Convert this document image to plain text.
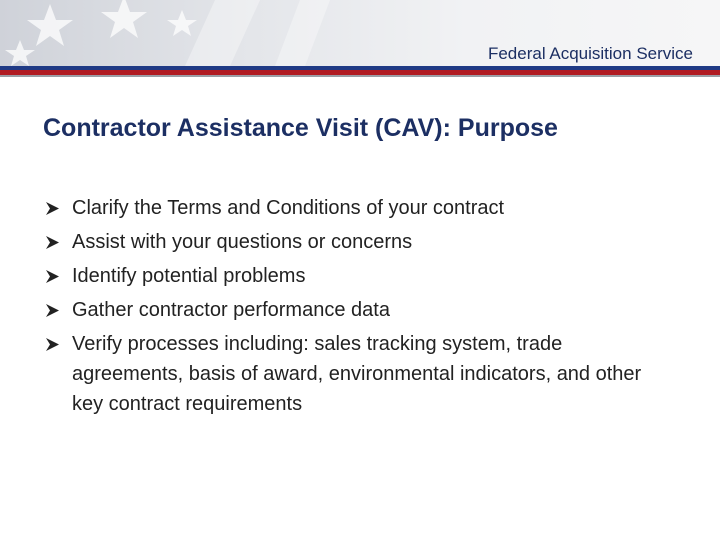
Federal Acquisition Service
Contractor Assistance Visit (CAV): Purpose
Clarify the Terms and Conditions of your contract
Assist with your questions or concerns
Identify potential problems
Gather contractor performance data
Verify processes including: sales tracking system, trade agreements, basis of award, environmental indicators, and other key contract requirements
